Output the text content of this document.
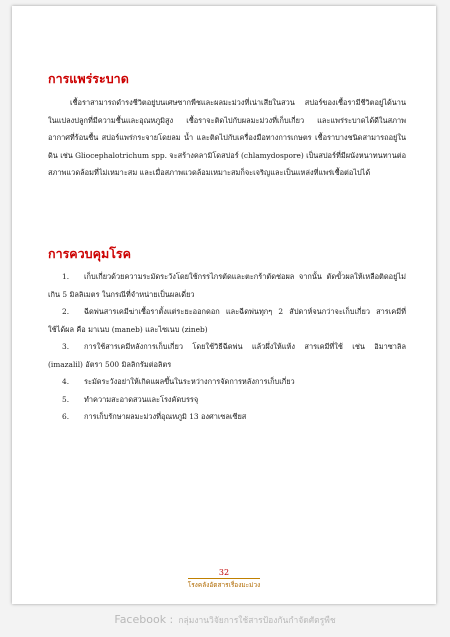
การแพร่ระบาด

เชื้อราสามารถดำรงชีวิตอยู่บนเศษซากพืชและผลมะม่วงที่เน่าเสียในสวน สปอร์ของเชื้อรามีชีวิตอยู่ได้นานในแปลงปลูกที่มีความชื้นและอุณหภูมิสูง เชื้อราจะติดไปกับผลมะม่วงที่เก็บเกี่ยว และแพร่ระบาดได้ดีในสภาพอากาศที่ร้อนชื้น สปอร์แพร่กระจายโดยลม น้ำ และติดไปกับเครื่องมือทางการเกษตร เชื้อราบางชนิดสามารถอยู่ในดิน เช่น Gliocephalotrichum spp. จะสร้างคลามิโดสปอร์ (chlamydospore) เป็นสปอร์ที่มีผนังหนาทนทานต่อสภาพแวดล้อมที่ไม่เหมาะสม และเมื่อสภาพแวดล้อมเหมาะสมก็จะเจริญและเป็นแหล่งที่แพร่เชื้อต่อไปได้

การควบคุมโรค
1. เก็บเกี่ยวด้วยความระมัดระวังโดยใช้กรรไกรตัดและตะกร้าตัดช่อผล จากนั้น ตัดขั้วผลให้เหลือติดอยู่ไม่เกิน 5 มิลลิเมตร ในกรณีที่จำหน่ายเป็นผลเดี่ยว
2. ฉีดพ่นสารเคมีฆ่าเชื้อราตั้งแต่ระยะออกดอก และฉีดพ่นทุกๆ 2 สัปดาห์จนกว่าจะเก็บเกี่ยว สารเคมีที่ใช้ได้ผล คือ มาเนบ (maneb) และไซเนบ (zineb)
3. การใช้สารเคมีหลังการเก็บเกี่ยว โดยใช้วิธีฉีดพ่น แล้วผึ่งให้แห้ง สารเคมีที่ใช้ เช่น อิมาซาลิล (imazalil) อัตรา 500 มิลลิกรัมต่อลิตร
4. ระมัดระวังอย่าให้เกิดแผลขึ้นในระหว่างการจัดการหลังการเก็บเกี่ยว
5. ทำความสะอาดสวนและโรงคัดบรรจุ
6. การเก็บรักษาผลมะม่วงที่อุณหภูมิ 13 องศาเซลเซียส
32
โรงคลังอัตสารเรื่องมะม่วง
Facebook : กลุ่มงานวิจัยการใช้สารป้องกันกำจัดศัตรูพืช
